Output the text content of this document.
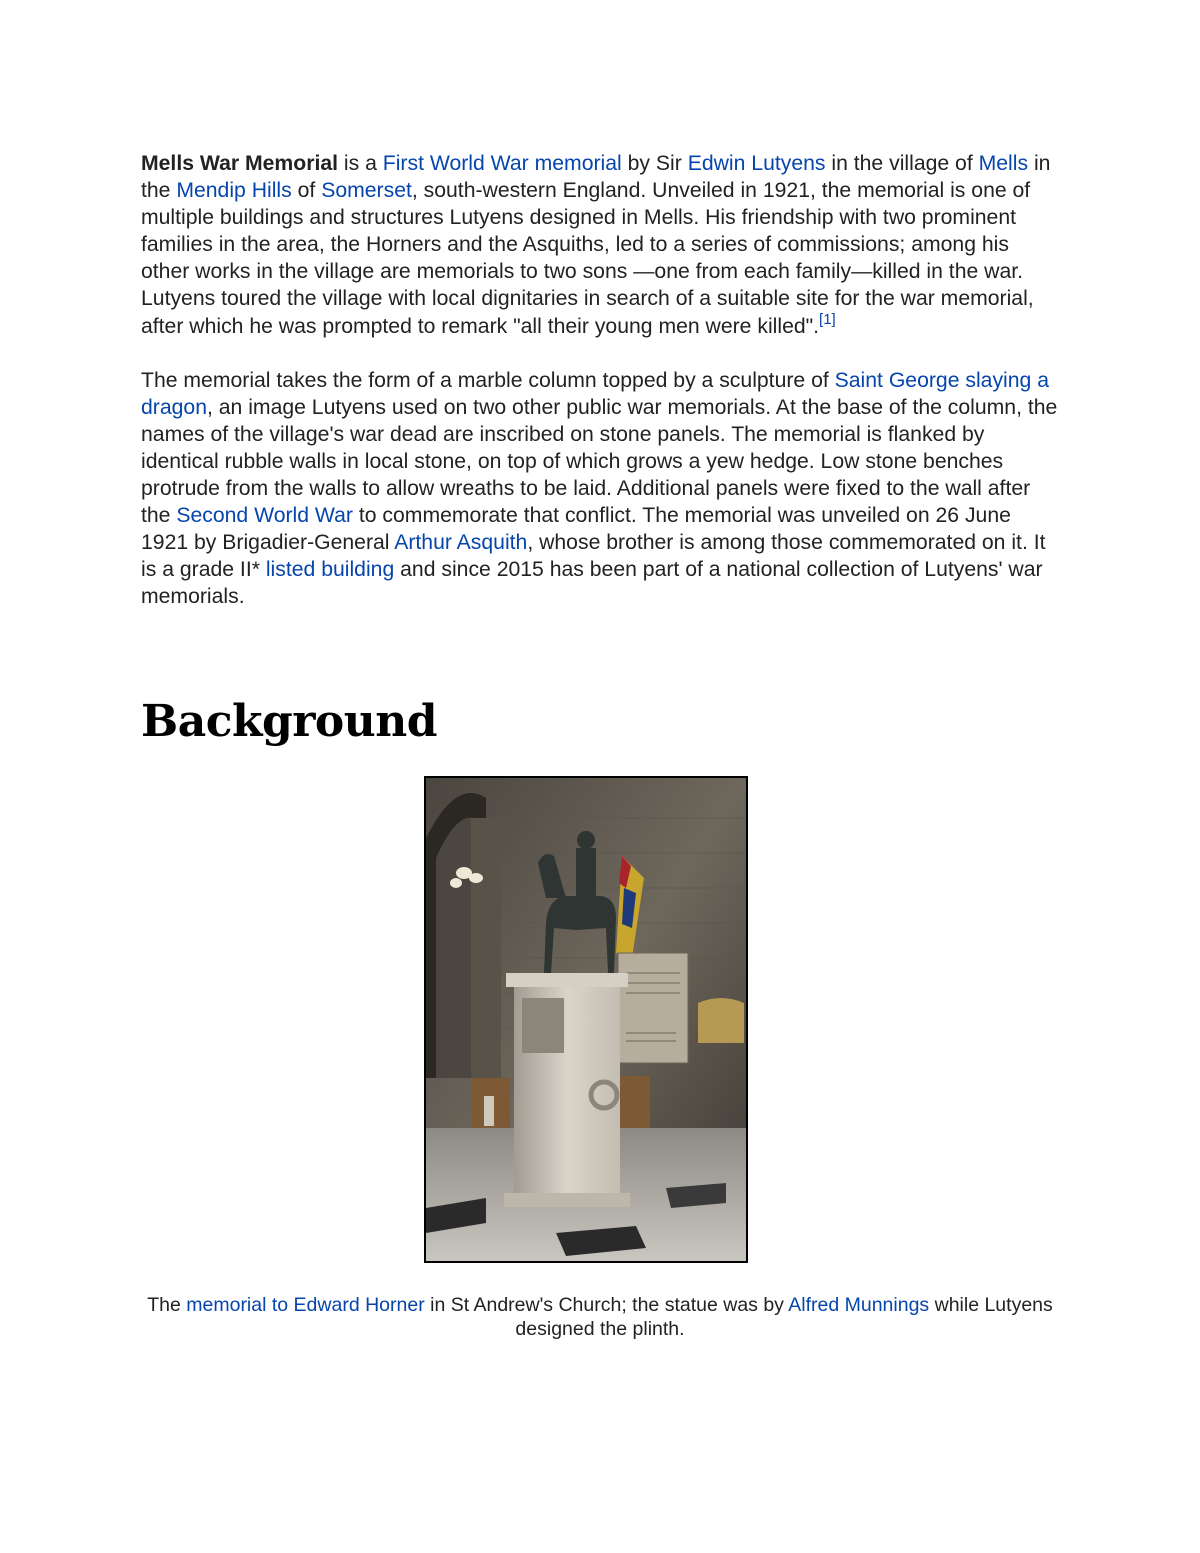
Mells War Memorial is a First World War memorial by Sir Edwin Lutyens in the village of Mells in the Mendip Hills of Somerset, south-western England. Unveiled in 1921, the memorial is one of multiple buildings and structures Lutyens designed in Mells. His friendship with two prominent families in the area, the Horners and the Asquiths, led to a series of commissions; among his other works in the village are memorials to two sons —one from each family—killed in the war. Lutyens toured the village with local dignitaries in search of a suitable site for the war memorial, after which he was prompted to remark "all their young men were killed".[1]

The memorial takes the form of a marble column topped by a sculpture of Saint George slaying a dragon, an image Lutyens used on two other public war memorials. At the base of the column, the names of the village's war dead are inscribed on stone panels. The memorial is flanked by identical rubble walls in local stone, on top of which grows a yew hedge. Low stone benches protrude from the walls to allow wreaths to be laid. Additional panels were fixed to the wall after the Second World War to commemorate that conflict. The memorial was unveiled on 26 June 1921 by Brigadier-General Arthur Asquith, whose brother is among those commemorated on it. It is a grade II* listed building and since 2015 has been part of a national collection of Lutyens' war memorials.

Background
The memorial to Edward Horner in St Andrew's Church; the statue was by Alfred Munnings while Lutyens designed the plinth.
